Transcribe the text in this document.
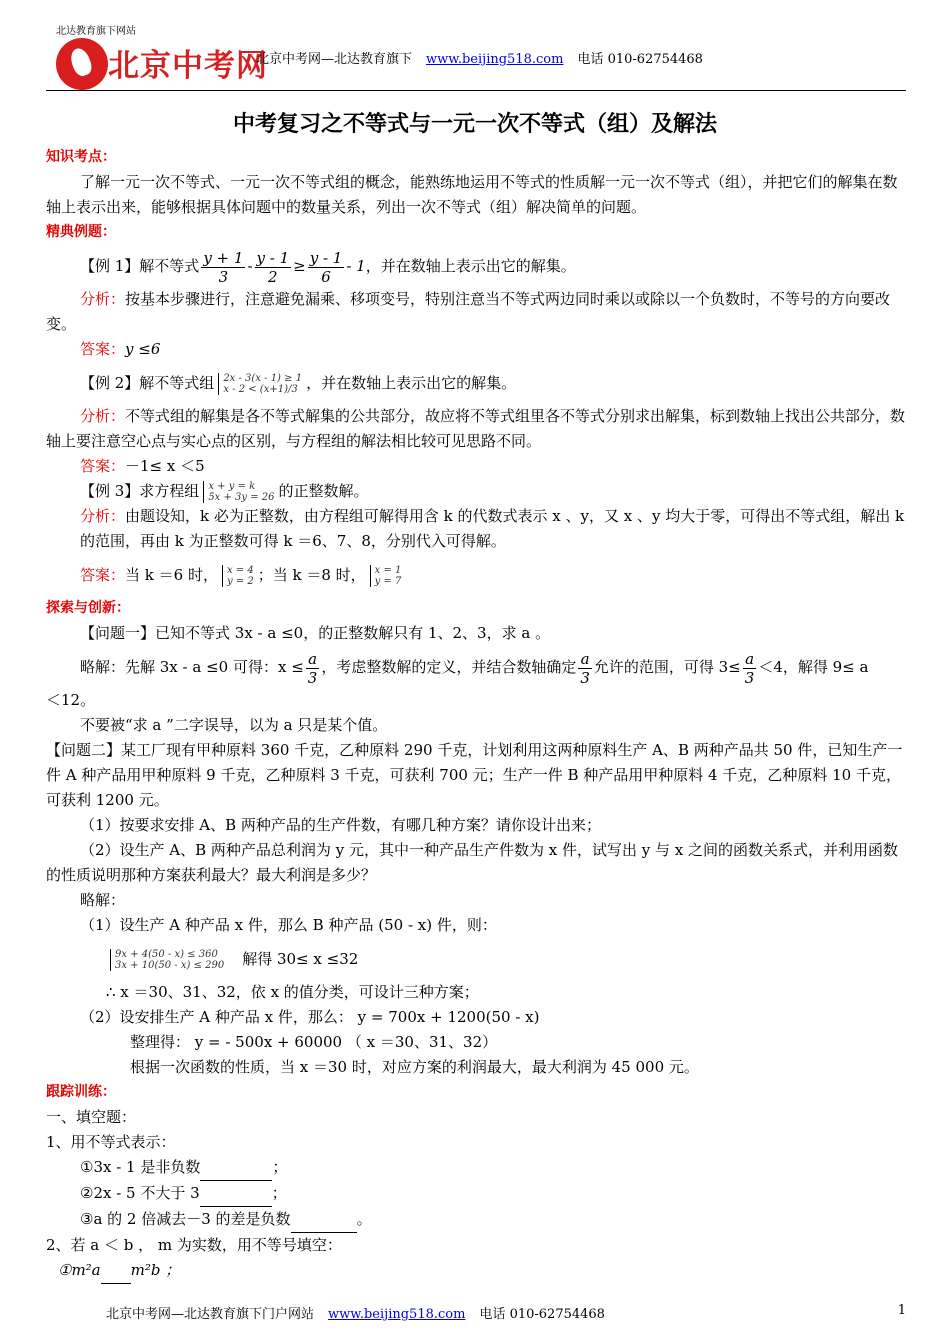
北达教育旗下网站
北京中考网
北京中考网—北达教育旗下 www.beijing518.com 电话 010-62754468
中考复习之不等式与一元一次不等式（组）及解法

知识考点：

了解一元一次不等式、一元一次不等式组的概念，能熟练地运用不等式的性质解一元一次不等式（组），并把它们的解集在数轴上表示出来，能够根据具体问题中的数量关系，列出一次不等式（组）解决简单的问题。

精典例题：

【例 1】解不等式 $\frac{y + 1}{3} - \frac{y - 1}{2} \ge \frac{y - 1}{6} - 1$，并在数轴上表示出它的解集。

分析：按基本步骤进行，注意避免漏乘、移项变号，特别注意当不等式两边同时乘以或除以一个负数时，不等号的方向要改变。

答案：y ≤6

【例 2】解不等式组 2x - 3(x - 1) ≥ 1
x - 2 < (x+1)/3 ，并在数轴上表示出它的解集。

分析：不等式组的解集是各不等式解集的公共部分，故应将不等式组里各不等式分别求出解集，标到数轴上找出公共部分，数轴上要注意空心点与实心点的区别，与方程组的解法相比较可见思路不同。

答案：－1≤ x ＜5

【例 3】求方程组 x + y = k
5x + 3y = 26 的正整数解。

分析：由题设知，k 必为正整数，由方程组可解得用含 k 的代数式表示 x 、y，又 x 、y 均大于零，可得出不等式组，解出 k 的范围，再由 k 为正整数可得 k ＝6、7、8，分别代入可得解。

答案：当 k ＝6 时， x = 4
y = 2 ；当 k ＝8 时， x = 1
y = 7

探索与创新：

【问题一】已知不等式 3x - a ≤0，的正整数解只有 1、2、3，求 a 。

略解：先解 3x - a ≤0 可得：$x \le \frac{a}{3}$ ，考虑整数解的定义，并结合数轴确定 $\frac{a}{3}$ 允许的范围，可得 $3\le \frac{a}{3} <4$，解得 9≤ a

＜12。

不要被“求 a ”二字误导，以为 a 只是某个值。

【问题二】某工厂现有甲种原料 360 千克，乙种原料 290 千克，计划利用这两种原料生产 A、B 两种产品共 50 件，已知生产一件 A 种产品用甲种原料 9 千克，乙种原料 3 千克，可获利 700 元；生产一件 B 种产品用甲种原料 4 千克，乙种原料 10 千克，可获利 1200 元。

（1）按要求安排 A、B 两种产品的生产件数，有哪几种方案？请你设计出来；

（2）设生产 A、B 两种产品总利润为 y 元，其中一种产品生产件数为 x 件，试写出 y 与 x 之间的函数关系式，并利用函数的性质说明那种方案获利最大？最大利润是多少？

略解：

（1）设生产 A 种产品 x 件，那么 B 种产品 (50 - x) 件，则：

9x + 4(50 - x) ≤ 360
3x + 10(50 - x) ≤ 290 解得 30≤ x ≤32

∴ x ＝30、31、32，依 x 的值分类，可设计三种方案；

（2）设安排生产 A 种产品 x 件，那么： y = 700x + 1200(50 - x)

整理得： y = - 500x + 60000 （ x ＝30、31、32）

根据一次函数的性质，当 x ＝30 时，对应方案的利润最大，最大利润为 45 000 元。

跟踪训练：

一、填空题：

1、用不等式表示：

①3x - 1 是非负数	；

②2x - 5 不大于 3	；

③a 的 2 倍减去－3 的差是负数	。

2、若 a ＜ b ， m 为实数，用不等号填空：

①m²a m²b ；

北京中考网—北达教育旗下门户网站 www.beijing518.com 电话 010-62754468	1
